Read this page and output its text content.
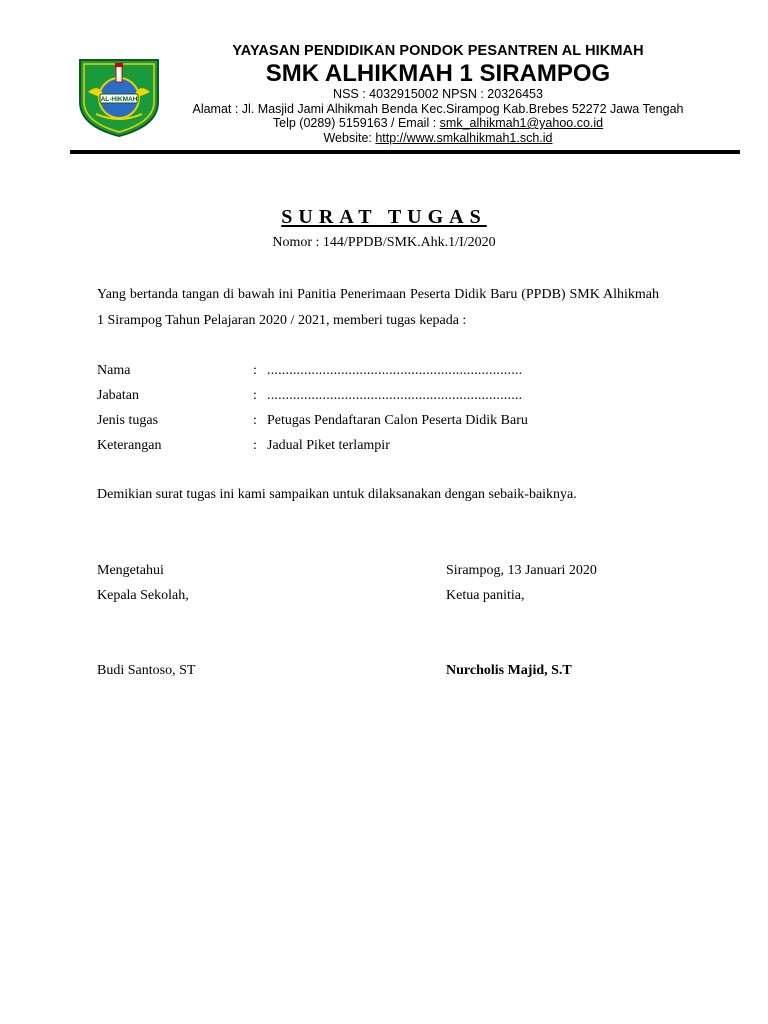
AL-HIKMAH
YAYASAN PENDIDIKAN PONDOK PESANTREN AL HIKMAH
SMK ALHIKMAH 1 SIRAMPOG
NSS : 4032915002 NPSN : 20326453
Alamat : Jl. Masjid Jami Alhikmah Benda Kec.Sirampog Kab.Brebes 52272 Jawa Tengah
Telp (0289) 5159163 / Email : smk_alhikmah1@yahoo.co.id
Website: http://www.smkalhikmah1.sch.id
SURAT TUGAS
Nomor : 144/PPDB/SMK.Ahk.1/I/2020
Yang bertanda tangan di bawah ini Panitia Penerimaan Peserta Didik Baru (PPDB) SMK Alhikmah 1 Sirampog Tahun Pelajaran 2020 / 2021, memberi tugas kepada :
Nama	: .....................................................................
Jabatan	: .....................................................................
Jenis tugas	: Petugas Pendaftaran Calon Peserta Didik Baru
Keterangan	: Jadual Piket terlampir
Demikian surat tugas ini kami sampaikan untuk dilaksanakan dengan sebaik-baiknya.
Mengetahui
Kepala Sekolah,
Budi Santoso, ST
Sirampog, 13 Januari 2020
Ketua panitia,
Nurcholis Majid, S.T
